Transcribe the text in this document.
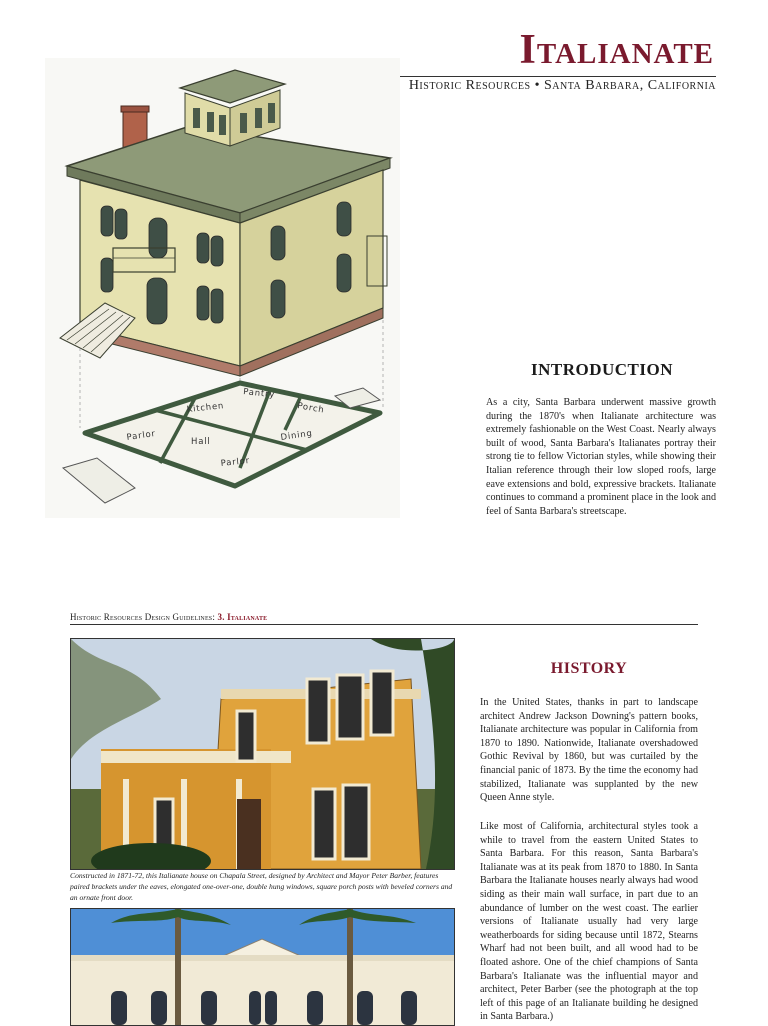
Italianate
Historic Resources • Santa Barbara, California
Pantry
Kitchen	Porch
Parlor	Hall	Dining
Parlor
INTRODUCTION

As a city, Santa Barbara underwent massive growth during the 1870's when Italianate architecture was extremely fashionable on the West Coast. Nearly always built of wood, Santa Barbara's Italianates portray their strong tie to fellow Victorian styles, while showing their Italian reference through their low sloped roofs, large eave extensions and bold, expressive brackets. Italianate continues to command a prominent place in the look and feel of Santa Barbara's streetscape.

Historic Resources Design Guidelines: 3. Italianate

Constructed in 1871-72, this Italianate house on Chapala Street, designed by Architect and Mayor Peter Barber, features paired brackets under the eaves, elongated one-over-one, double hung windows, square porch posts with beveled corners and an ornate front door.

HISTORY

In the United States, thanks in part to landscape architect Andrew Jackson Downing's pattern books, Italianate architecture was popular in California from 1870 to 1890. Nationwide, Italianate overshadowed Gothic Revival by 1860, but was curtailed by the financial panic of 1873. By the time the economy had stabilized, Italianate was supplanted by the new Queen Anne style.

Like most of California, architectural styles took a while to travel from the eastern United States to Santa Barbara. For this reason, Santa Barbara's Italianate was at its peak from 1870 to 1880. In Santa Barbara the Italianate houses nearly always had wood siding as their main wall surface, in part due to an abundance of lumber on the west coast. The earlier versions of Italianate usually had very large weatherboards for siding because until 1872, Stearns Wharf had not been built, and all wood had to be floated ashore. One of the chief champions of Santa Barbara's Italianate was the influential mayor and architect, Peter Barber (see the photograph at the top left of this page of an Italianate building he designed in Santa Barbara.)
